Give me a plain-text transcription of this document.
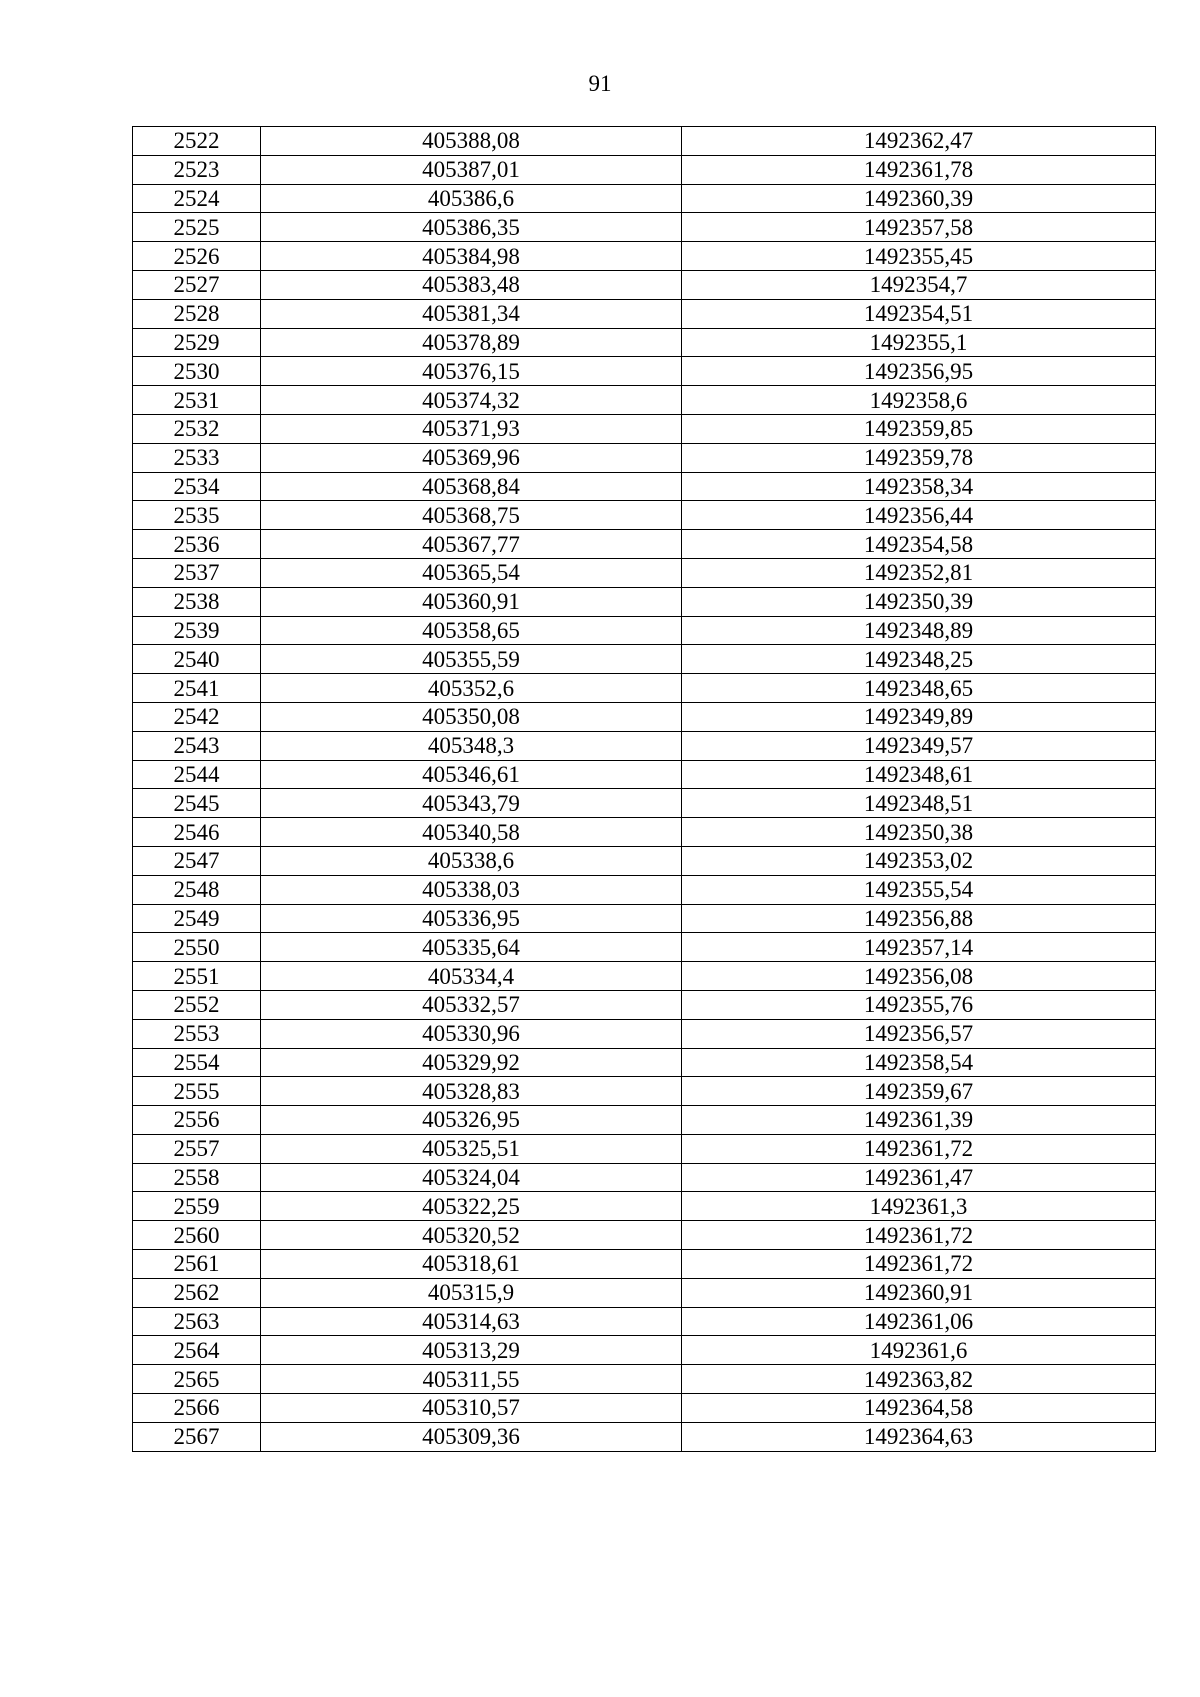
91
2522	405388,08	1492362,47
2523	405387,01	1492361,78
2524	405386,6	1492360,39
2525	405386,35	1492357,58
2526	405384,98	1492355,45
2527	405383,48	1492354,7
2528	405381,34	1492354,51
2529	405378,89	1492355,1
2530	405376,15	1492356,95
2531	405374,32	1492358,6
2532	405371,93	1492359,85
2533	405369,96	1492359,78
2534	405368,84	1492358,34
2535	405368,75	1492356,44
2536	405367,77	1492354,58
2537	405365,54	1492352,81
2538	405360,91	1492350,39
2539	405358,65	1492348,89
2540	405355,59	1492348,25
2541	405352,6	1492348,65
2542	405350,08	1492349,89
2543	405348,3	1492349,57
2544	405346,61	1492348,61
2545	405343,79	1492348,51
2546	405340,58	1492350,38
2547	405338,6	1492353,02
2548	405338,03	1492355,54
2549	405336,95	1492356,88
2550	405335,64	1492357,14
2551	405334,4	1492356,08
2552	405332,57	1492355,76
2553	405330,96	1492356,57
2554	405329,92	1492358,54
2555	405328,83	1492359,67
2556	405326,95	1492361,39
2557	405325,51	1492361,72
2558	405324,04	1492361,47
2559	405322,25	1492361,3
2560	405320,52	1492361,72
2561	405318,61	1492361,72
2562	405315,9	1492360,91
2563	405314,63	1492361,06
2564	405313,29	1492361,6
2565	405311,55	1492363,82
2566	405310,57	1492364,58
2567	405309,36	1492364,63
